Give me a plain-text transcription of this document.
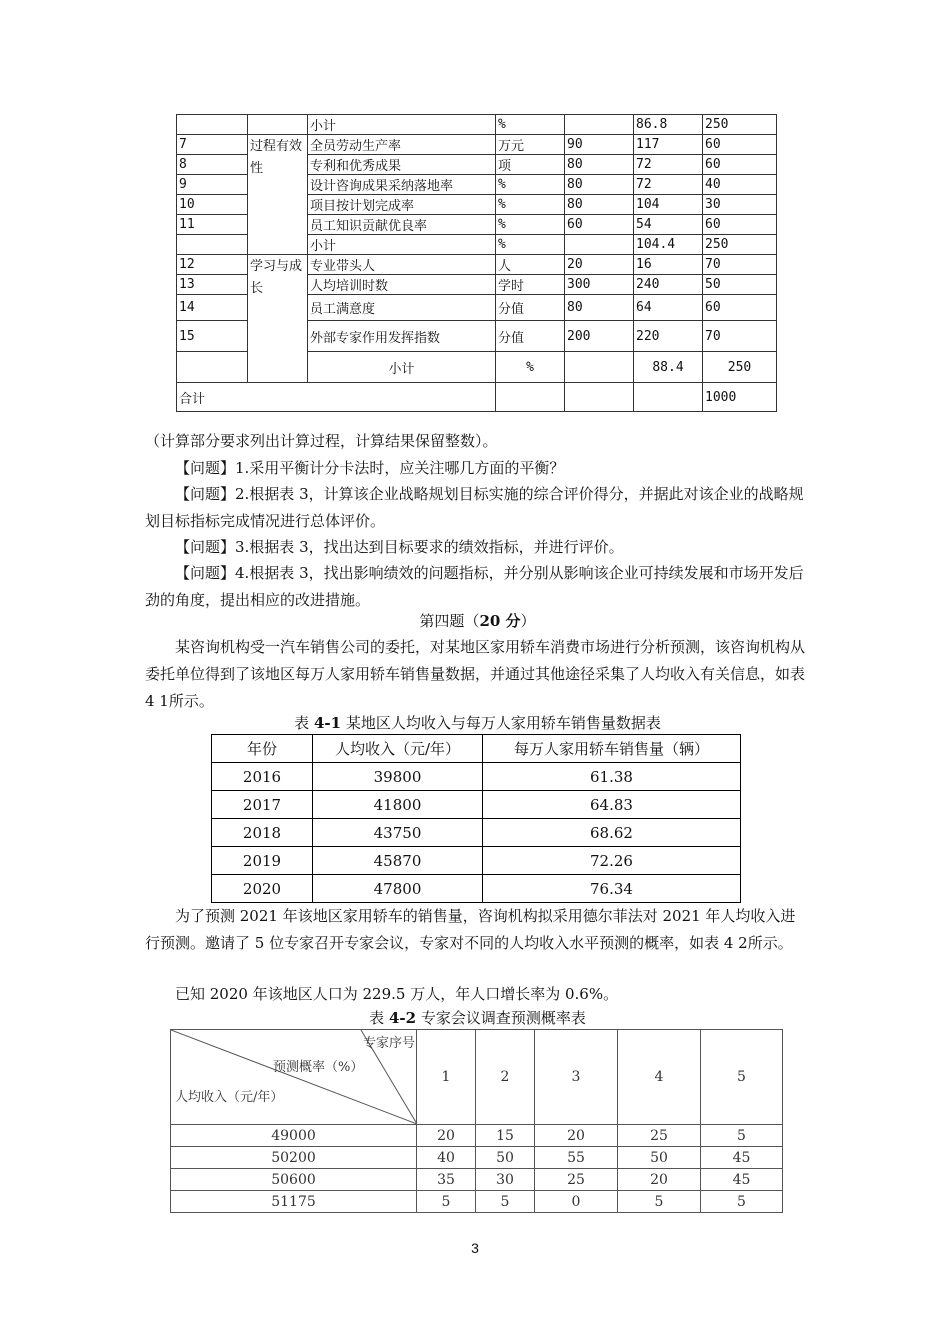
		小计	%		86.8	250
7	过程有效性	全员劳动生产率	万元	90	117	60
8		专利和优秀成果	项	80	72	60
9		设计咨询成果采纳落地率	%	80	72	40
10		项目按计划完成率	%	80	104	30
11		员工知识贡献优良率	%	60	54	60
		小计	%		104.4	250
12	学习与成长	专业带头人	人	20	16	70
13		人均培训时数	学时	300	240	50
14		员工满意度	分值	80	64	60
15		外部专家作用发挥指数	分值	200	220	70
		小计	%		88.4	250
合计						1000
（计算部分要求列出计算过程，计算结果保留整数）。
【问题】1.采用平衡计分卡法时，应关注哪几方面的平衡？
【问题】2.根据表 3，计算该企业战略规划目标实施的综合评价得分，并据此对该企业的战略规划目标指标完成情况进行总体评价。
【问题】3.根据表 3，找出达到目标要求的绩效指标，并进行评价。
【问题】4.根据表 3，找出影响绩效的问题指标，并分别从影响该企业可持续发展和市场开发后劲的角度，提出相应的改进措施。
第四题（20 分）
某咨询机构受一汽车销售公司的委托，对某地区家用轿车消费市场进行分析预测，该咨询机构从委托单位得到了该地区每万人家用轿车销售量数据，并通过其他途径采集了人均收入有关信息，如表 4 1所示。
表 4-1 某地区人均收入与每万人家用轿车销售量数据表
年份	人均收入（元/年）	每万人家用轿车销售量（辆）
2016	39800	61.38
2017	41800	64.83
2018	43750	68.62
2019	45870	72.26
2020	47800	76.34
为了预测 2021 年该地区家用轿车的销售量，咨询机构拟采用德尔菲法对 2021 年人均收入进行预测。邀请了 5 位专家召开专家会议，专家对不同的人均收入水平预测的概率，如表 4 2所示。
已知 2020 年该地区人口为 229.5 万人，年人口增长率为 0.6%。
表 4-2 专家会议调查预测概率表
专家序号
预测概率（%）
人均收入（元/年）	1	2	3	4	5
49000	20	15	20	25	5
50200	40	50	55	50	45
50600	35	30	25	20	45
51175	5	5	0	5	5
3
